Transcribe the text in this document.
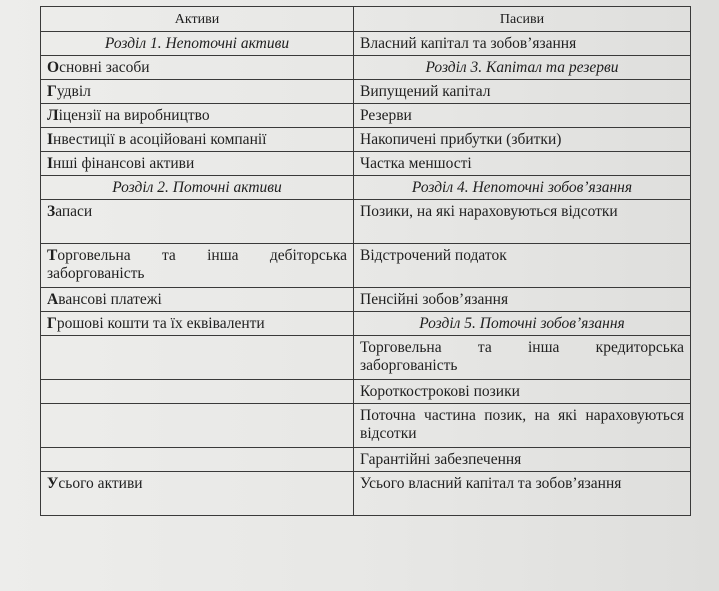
Активи	Пасиви
Розділ 1. Непоточні активи	Власний капітал та зобов’язання
Основні засоби	Розділ 3. Капітал та резерви
Гудвіл	Випущений капітал
Ліцензії на виробництво	Резерви
Інвестиції в асоційовані компанії	Накопичені прибутки (збитки)
Інші фінансові активи	Частка меншості
Розділ 2. Поточні активи	Розділ 4. Непоточні зобов’язання
Запаси	Позики, на які нараховуються відсотки
Торговельна та інша дебіторська заборгованість	Відстрочений податок
Авансові платежі	Пенсійні зобов’язання
Грошові кошти та їх еквіваленти	Розділ 5. Поточні зобов’язання
	Торговельна та інша кредиторська заборгованість
	Короткострокові позики
	Поточна частина позик, на які нараховуються відсотки
	Гарантійні забезпечення
Усього активи	Усього власний капітал та зобов’язання
